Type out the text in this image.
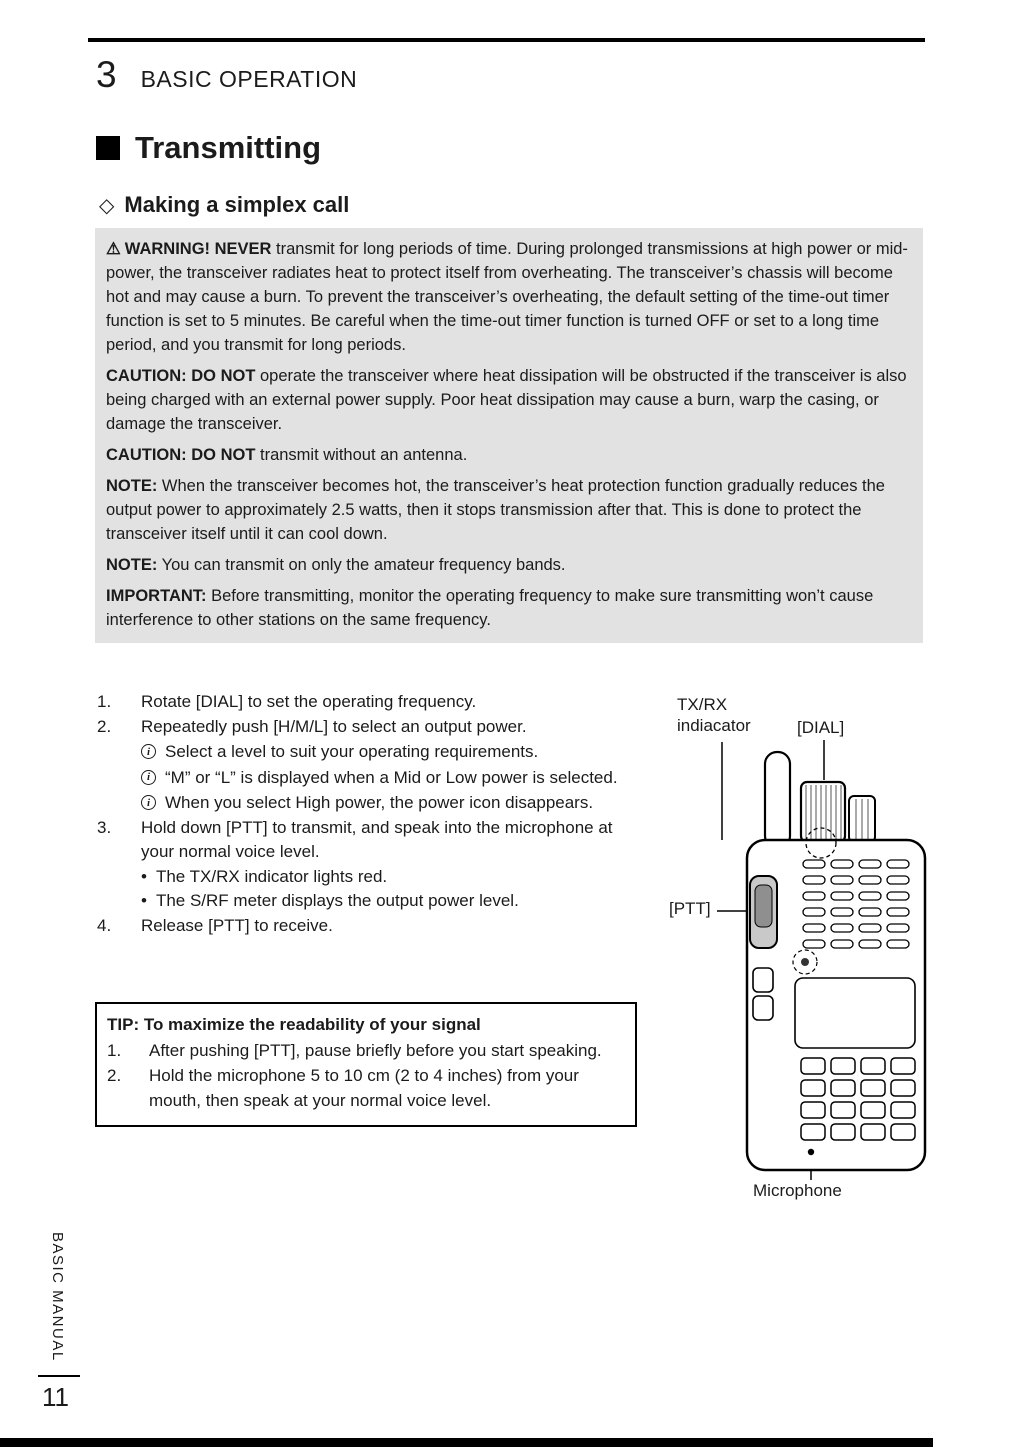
3 BASIC OPERATION
Transmitting
◇ Making a simplex call

⚠ WARNING! NEVER transmit for long periods of time. During prolonged transmissions at high power or mid-power, the transceiver radiates heat to protect itself from overheating. The transceiver’s chassis will become hot and may cause a burn. To prevent the transceiver’s overheating, the default setting of the time-out timer function is set to 5 minutes. Be careful when the time-out timer function is turned OFF or set to a long time period, and you transmit for long periods.

CAUTION: DO NOT operate the transceiver where heat dissipation will be obstructed if the transceiver is also being charged with an external power supply. Poor heat dissipation may cause a burn, warp the casing, or damage the transceiver.

CAUTION: DO NOT transmit without an antenna.

NOTE: When the transceiver becomes hot, the transceiver’s heat protection function gradually reduces the output power to approximately 2.5 watts, then it stops transmission after that. This is done to protect the transceiver itself until it can cool down.

NOTE: You can transmit on only the amateur frequency bands.

IMPORTANT: Before transmitting, monitor the operating frequency to make sure transmitting won’t cause interference to other stations on the same frequency.

1.	Rotate [DIAL] to set the operating frequency.
2.	Repeatedly push [H/M/L] to select an output power.
i Select a level to suit your operating requirements.
i “M” or “L” is displayed when a Mid or Low power is selected.
i When you select High power, the power icon disappears.
3.	Hold down [PTT] to transmit, and speak into the microphone at your normal voice level.
• The TX/RX indicator lights red.
• The S/RF meter displays the output power level.
4.	Release [PTT] to receive.
TIP: To maximize the readability of your signal
1.	After pushing [PTT], pause briefly before you start speaking.
2.	Hold the microphone 5 to 10 cm (2 to 4 inches) from your mouth, then speak at your normal voice level.
TX/RX
indiacator	[DIAL]
[PTT]
Microphone
BASIC MANUAL
11
